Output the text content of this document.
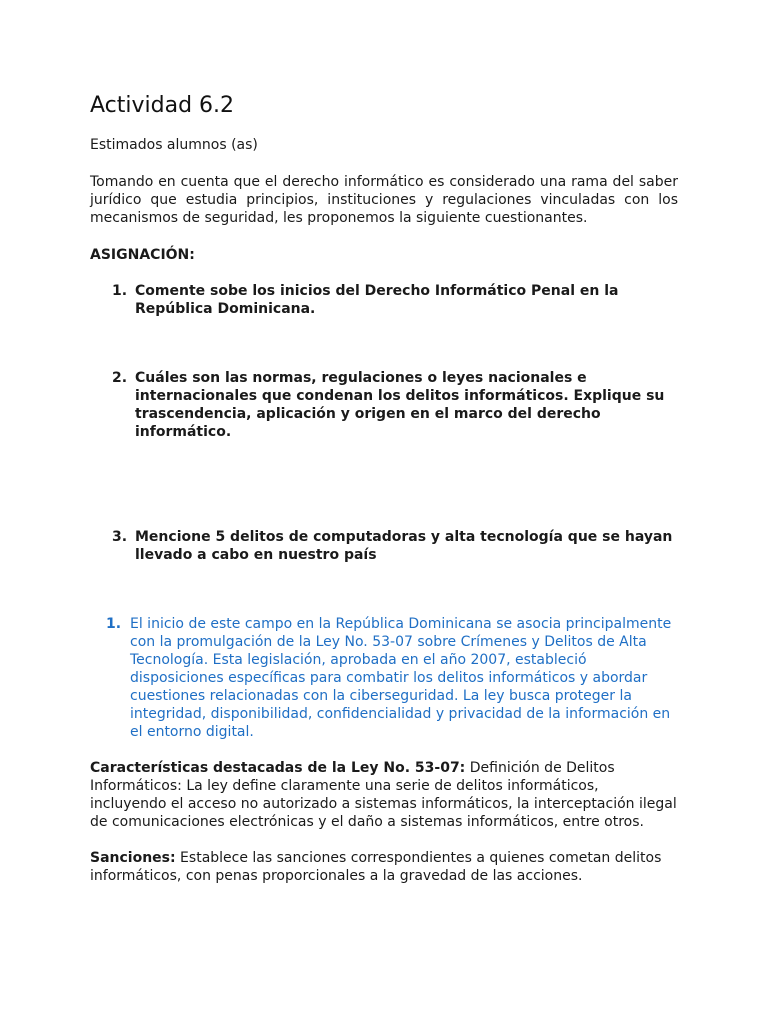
Actividad 6.2

Estimados alumnos (as)

Tomando en cuenta que el derecho informático es considerado una rama del saber jurídico que estudia principios, instituciones y regulaciones vinculadas con los mecanismos de seguridad, les proponemos la siguiente cuestionantes.

ASIGNACIÓN:

1. Comente sobe los inicios del Derecho Informático Penal en la República Dominicana.
2. Cuáles son las normas, regulaciones o leyes nacionales e internacionales que condenan los delitos informáticos. Explique su trascendencia, aplicación y origen en el marco del derecho informático.
3. Mencione 5 delitos de computadoras y alta tecnología que se hayan llevado a cabo en nuestro país
1. El inicio de este campo en la República Dominicana se asocia principalmente con la promulgación de la Ley No. 53-07 sobre Crímenes y Delitos de Alta Tecnología. Esta legislación, aprobada en el año 2007, estableció disposiciones específicas para combatir los delitos informáticos y abordar cuestiones relacionadas con la ciberseguridad. La ley busca proteger la integridad, disponibilidad, confidencialidad y privacidad de la información en el entorno digital.

Características destacadas de la Ley No. 53-07: Definición de Delitos Informáticos: La ley define claramente una serie de delitos informáticos, incluyendo el acceso no autorizado a sistemas informáticos, la interceptación ilegal de comunicaciones electrónicas y el daño a sistemas informáticos, entre otros.

Sanciones: Establece las sanciones correspondientes a quienes cometan delitos informáticos, con penas proporcionales a la gravedad de las acciones.
